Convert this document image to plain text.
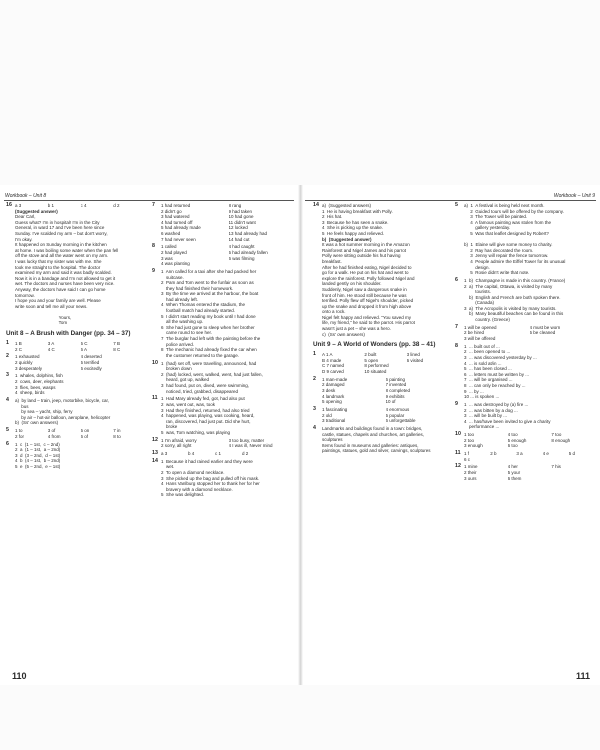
Workbook – Unit 8
16 a 3	b 1	c 4	d 2
(Suggested answer)
Dear Carl,
Guess what? I'm in hospital! I'm in the City
General, in ward 17 and I've been here since
Sunday. I've scalded my arm – but don't worry,
I'm okay.
It happened on Sunday morning in the kitchen
at home. I was boiling some water when the pan fell
off the stove and all the water went on my arm.
I was lucky that my sister was with me. She
took me straight to the hospital. The doctor
examined my arm and said it was badly scalded.
Now it is in a bandage and I'm not allowed to get it
wet. The doctors and nurses have been very nice.
Anyway, the doctors have said I can go home
tomorrow.
I hope you and your family are well. Please
write soon and tell me all your news.

Yours,
Tom
Unit 8 – A Brush with Danger (pp. 34 – 37)
1	1 B	3 A	5 C	7 B
2 C	4 C	6 A	8 C
2	1 exhausted	4 deserted
2 quickly	5 terrified
3 desperately	6 excitedly
3	1  whales, dolphins, fish
2  cows, deer, elephants
3  flies, bees, wasps
4  sheep, birds
4	a)  by land – train, jeep, motorbike, bicycle, car,
bus
by sea – yacht, ship, ferry
by air – hot-air balloon, aeroplane, helicopter
b)  (Ss' own answers)
5	1 to	3 of	5 on	7 in
2 for	4 from	6 of	8 to
6	1  c  (1 – 1st,  c – 2nd)
2  a  (1 – 1st,  a – 2nd)
3  d  (3 – 2nd,  d – 1st)
4  b  (4 – 1st,  b – 2nd)
5  e  (5 – 2nd,  e – 1st)
7	1 had returned	8 rang
2 didn't go	9 had taken
3 had watered	10 had gone
4 had turned off	11 didn't want
5 had already made	12 locked
6 washed	13 had already had
7 had never seen	14 had cut
8	1 called	4 had caught
2 had played	5 had already fallen
3 was	6 was filming
4 was planting
9	1  Ann called for a taxi after she had packed her
suitcase.
2  Pam and Tom went to the funfair as soon as
they had finished their homework.
3  By the time we arrived at the harbour, the boat
had already left.
4  When Thomas entered the stadium, the
football match had already started.
5  I didn't start reading my book until I had done
all the washing up.
6  She had just gone to sleep when her brother
came round to see her.
7  The burglar had left with the painting before the
police arrived.
8  The mechanic had already fixed the car when
the customer returned to the garage.
10 1  (had) set off, were travelling, announced, had
broken down
2  (had) locked, went, walked, went, had just fallen,
heard, got up, walked
3  had found, put on, dived, were swimming,
noticed, tried, grabbed, disappeared
11 1  Had Mary already fed, got, had also put
2  was, went out, was, took
3  Had they finished, returned, had also tried
4  happened, was playing, was cooking, heard,
ran, discovered, had just put. Did she hurt,
broke
5  was, Tom watching, was playing
12 1 I'm afraid, worry	3 too busy, matter
2 sorry, all right	4 I was ill, Never mind
13 a 3	b 4	c 1	d 2
14 1  Because it had rained earlier and they were
wet.
2  To open a diamond necklace.
3  She picked up the bag and pulled off his mask.
4  Hans Vanlburg stopped her to thank her for her
bravery with a diamond necklace.
5  She was delighted.
110
Workbook – Unit 9
14 a)  (Suggested answers)
1  He is having breakfast with Polly.
2  His hat.
3  Because he has seen a snake.
4  She is picking up the snake.
5  He feels happy and relieved.
b)  (Suggested answer)
It was a hot summer morning in the Amazon
Rainforest and Nigel James and his parrot
Polly were sitting outside his hut having
breakfast.
After he had finished eating, Nigel decided to
go for a walk. He put on his hat and went to
explore the rainforest. Polly followed Nigel and
landed gently on his shoulder.
Suddenly, Nigel saw a dangerous snake in
front of him. He stood still because he was
terrified. Polly flew off Nigel's shoulder, picked
up the snake and dropped it from high above
onto a rock.
Nigel felt happy and relieved. "You saved my
life, my friend," he said to the parrot. His parrot
wasn't just a pet – she was a hero.
c)  (Ss' own answers)
Unit 9 – A World of Wonders (pp. 38 – 41)
1	A 1 A	2 built	3 lined
B 4 made	5 open	6 visited
C 7 named	8 performed
D 9 carved	10 situated
2	1 man-made	6 painting
2 damaged	7 invented
3 desk	8 completed
4 landmark	9 exhibits
5 opening	10 of
3	1 fascinating	4 enormous
2 old	5 popular
3 traditional	6 unforgettable
4	Landmarks and buildings found in a town: bridges,
castle, statues, chapels and churches, art galleries,
sculptures
Items found in museums and galleries: antiques,
paintings, statues, gold and silver, carvings, sculptures
5	a)  1  A festival is being held next month.
2  Guided tours will be offered by the company.
3  The Tower will be painted.
4  A famous painting was stolen from the
gallery yesterday.
5  Was that leaflet designed by Robert?

b)  1  Elaine will give some money to charity.
2  Ray has decorated the room.
3  Jenny will repair the fence tomorrow.
4  People admire the Eiffel Tower for its unusual
design.
5  Rosie didn't write that note.
6	1  b)  Champagne is made in this country. (France)
2  a)  The capital, Ottawa, is visited by many
tourists.
b)  English and French are both spoken there.
(Canada)
3  a)  The Acropolis is visited by many tourists.
b)  Many beautiful beaches can be found in this
country. (Greece)
7	1 will be opened	4 must be worn
2 be hired	5 be cleaned
3 will be offered
8	1  ... built out of ...
2  ... been opened to ...
3  ... was discovered yesterday by ...
4  ... is sold at/in ...
5  ... has been closed ...
6  ... letters must be written by ...
7  ... will be organised ...
8  ... can only be reached by ...
9  ... by ...
10 ... is spoken ...
9	1  ... was destroyed by (a) fire ...
2  ... was bitten by a dog ...
3  ... will be built by ...
4  ... has/have been invited to give a charity
performance ...
10 1 too	4 too	7 too
2 too	5 enough	8 enough
3 enough	6 too
11 1 f	2 b	3 a	4 e	5 d
6 c
12 1 mine	4 her	7 his
2 their	5 your
3 ours	6 them
111
